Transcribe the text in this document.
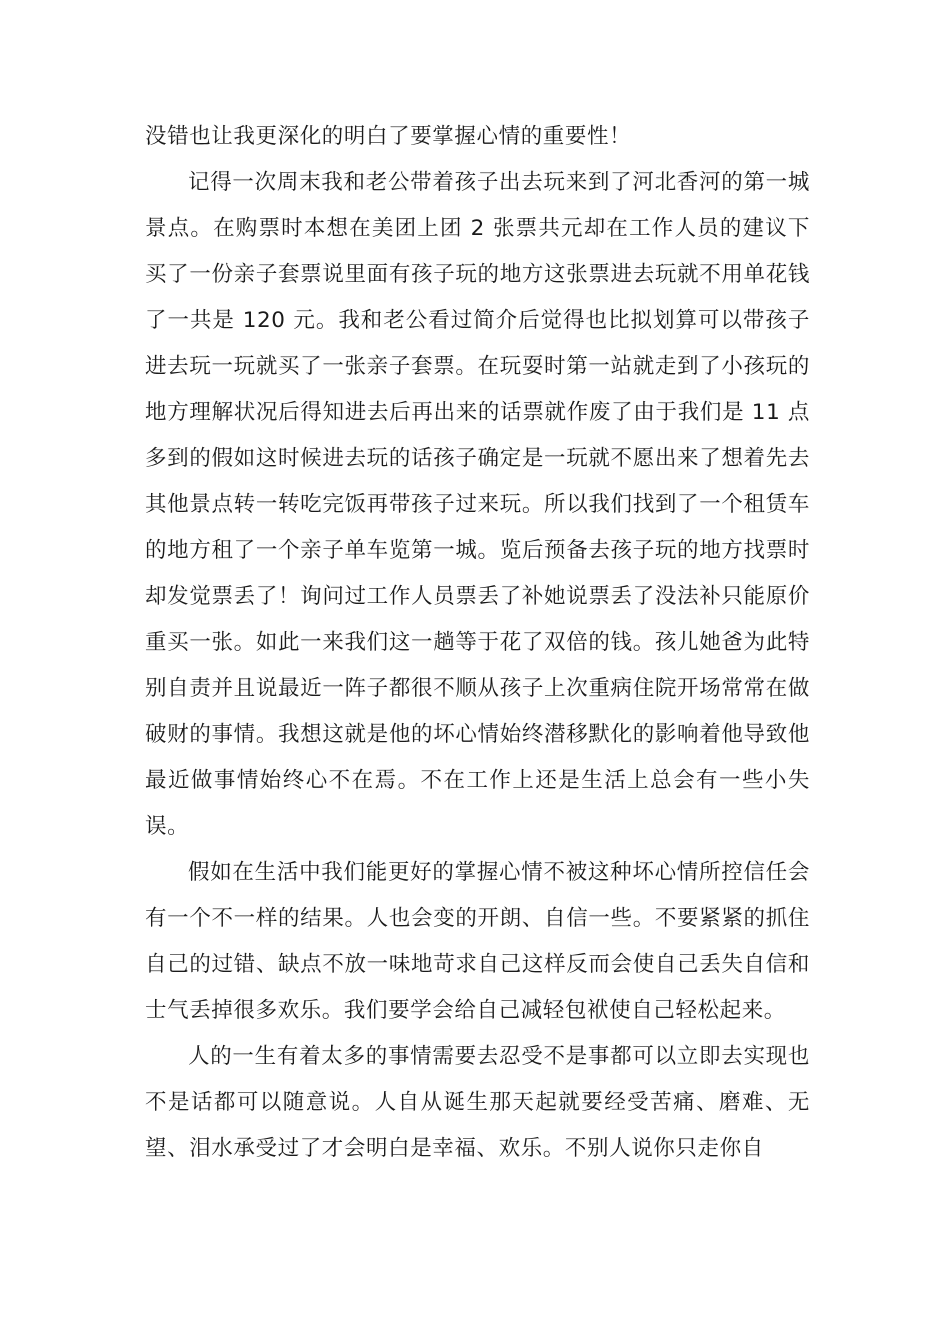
没错也让我更深化的明白了要掌握心情的重要性！

记得一次周末我和老公带着孩子出去玩来到了河北香河的第一城景点。在购票时本想在美团上团 2 张票共元却在工作人员的建议下买了一份亲子套票说里面有孩子玩的地方这张票进去玩就不用单花钱了一共是 120 元。我和老公看过简介后觉得也比拟划算可以带孩子进去玩一玩就买了一张亲子套票。在玩耍时第一站就走到了小孩玩的地方理解状况后得知进去后再出来的话票就作废了由于我们是 11 点多到的假如这时候进去玩的话孩子确定是一玩就不愿出来了想着先去其他景点转一转吃完饭再带孩子过来玩。所以我们找到了一个租赁车的地方租了一个亲子单车览第一城。览后预备去孩子玩的地方找票时却发觉票丢了！询问过工作人员票丢了补她说票丢了没法补只能原价重买一张。如此一来我们这一趟等于花了双倍的钱。孩儿她爸为此特别自责并且说最近一阵子都很不顺从孩子上次重病住院开场常常在做破财的事情。我想这就是他的坏心情始终潜移默化的影响着他导致他最近做事情始终心不在焉。不在工作上还是生活上总会有一些小失误。

假如在生活中我们能更好的掌握心情不被这种坏心情所控信任会有一个不一样的结果。人也会变的开朗、自信一些。不要紧紧的抓住自己的过错、缺点不放一味地苛求自己这样反而会使自己丢失自信和士气丢掉很多欢乐。我们要学会给自己减轻包袱使自己轻松起来。

人的一生有着太多的事情需要去忍受不是事都可以立即去实现也不是话都可以随意说。人自从诞生那天起就要经受苦痛、磨难、无望、泪水承受过了才会明白是幸福、欢乐。不别人说你只走你自
